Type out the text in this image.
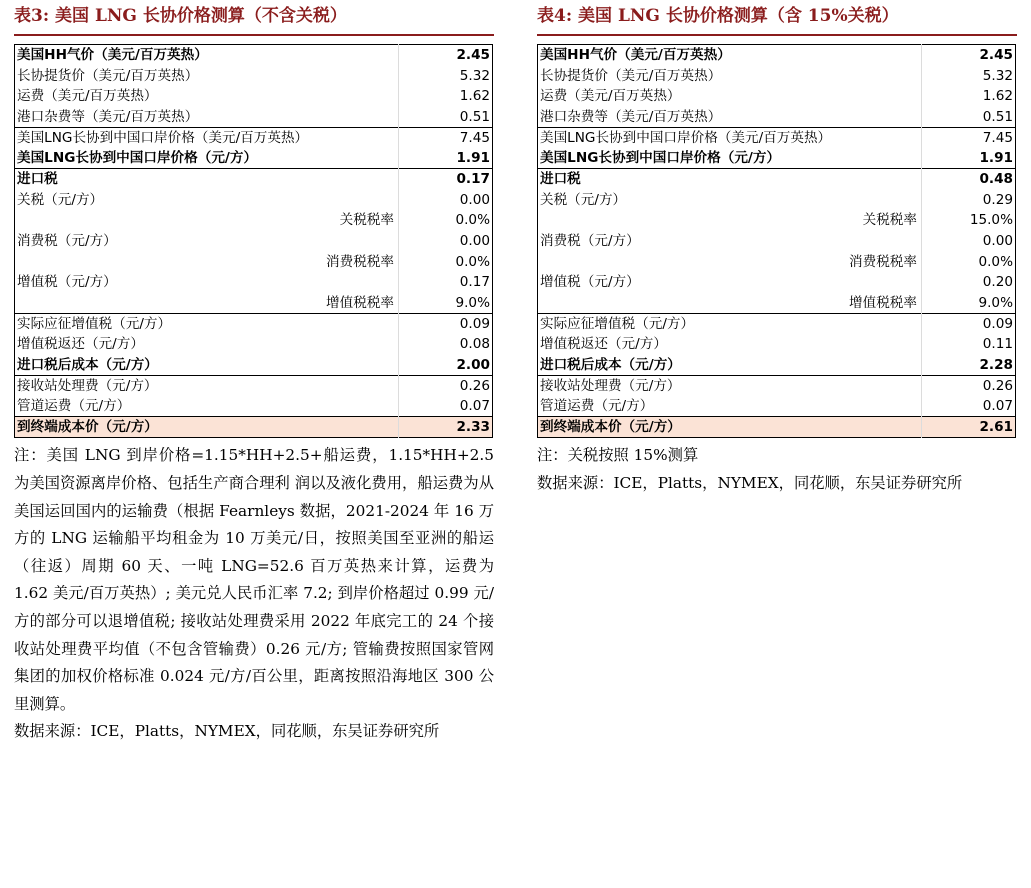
表3: 美国 LNG 长协价格测算（不含关税）
美国HH气价（美元/百万英热）	2.45
长协提货价（美元/百万英热）	5.32
运费（美元/百万英热）	1.62
港口杂费等（美元/百万英热）	0.51
美国LNG长协到中国口岸价格（美元/百万英热）	7.45
美国LNG长协到中国口岸价格（元/方）	1.91
进口税	0.17
关税（元/方）	0.00
关税税率	0.0%
消费税（元/方）	0.00
消费税税率	0.0%
增值税（元/方）	0.17
增值税税率	9.0%
实际应征增值税（元/方）	0.09
增值税返还（元/方）	0.08
进口税后成本（元/方）	2.00
接收站处理费（元/方）	0.26
管道运费（元/方）	0.07
到终端成本价（元/方）	2.33

注：美国 LNG 到岸价格=1.15*HH+2.5+船运费，1.15*HH+2.5 为美国资源离岸价格、包括生产商合理利 润以及液化费用，船运费为从美国运回国内的运输费（根据 Fearnleys 数据，2021-2024 年 16 万方的 LNG 运输船平均租金为 10 万美元/日，按照美国至亚洲的船运（往返）周期 60 天、一吨 LNG=52.6 百万英热来计算，运费为 1.62 美元/百万英热）; 美元兑人民币汇率 7.2; 到岸价格超过 0.99 元/方的部分可以退增值税; 接收站处理费采用 2022 年底完工的 24 个接收站处理费平均值（不包含管输费）0.26 元/方; 管输费按照国家管网集团的加权价格标准 0.024 元/方/百公里，距离按照沿海地区 300 公里测算。

数据来源：ICE，Platts，NYMEX，同花顺，东吴证券研究所

表4: 美国 LNG 长协价格测算（含 15%关税）
美国HH气价（美元/百万英热）	2.45
长协提货价（美元/百万英热）	5.32
运费（美元/百万英热）	1.62
港口杂费等（美元/百万英热）	0.51
美国LNG长协到中国口岸价格（美元/百万英热）	7.45
美国LNG长协到中国口岸价格（元/方）	1.91
进口税	0.48
关税（元/方）	0.29
关税税率	15.0%
消费税（元/方）	0.00
消费税税率	0.0%
增值税（元/方）	0.20
增值税税率	9.0%
实际应征增值税（元/方）	0.09
增值税返还（元/方）	0.11
进口税后成本（元/方）	2.28
接收站处理费（元/方）	0.26
管道运费（元/方）	0.07
到终端成本价（元/方）	2.61

注：关税按照 15%测算

数据来源：ICE，Platts，NYMEX，同花顺，东吴证券研究所
